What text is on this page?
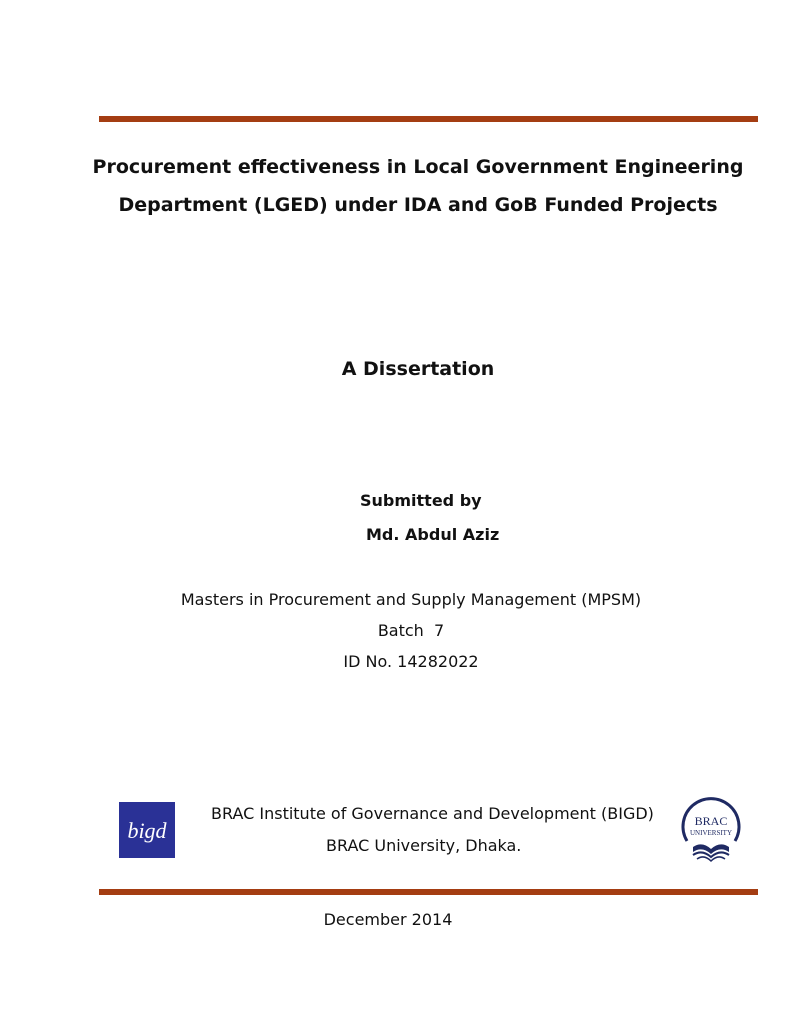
Procurement effectiveness in Local Government Engineering
Department (LGED) under IDA and GoB Funded Projects
A Dissertation
Submitted by
Md. Abdul Aziz
Masters in Procurement and Supply Management (MPSM)
Batch  7
ID No. 14282022
bigd
BRAC Institute of Governance and Development (BIGD)
BRAC University, Dhaka.
BRAC
UNIVERSITY
December 2014
